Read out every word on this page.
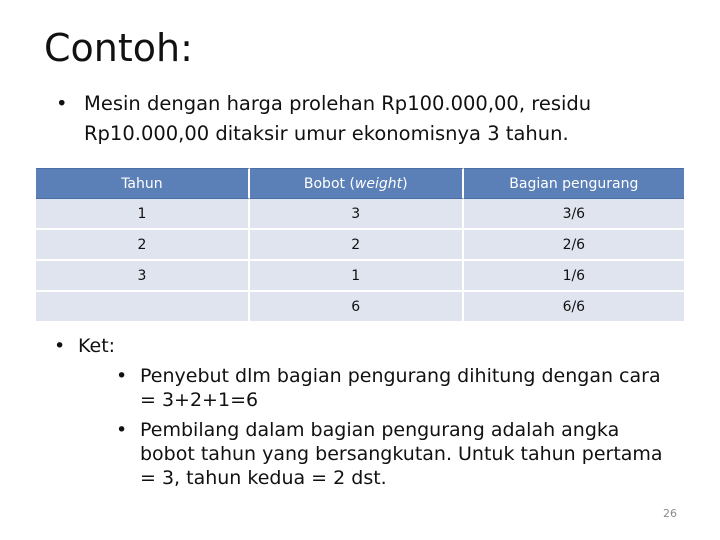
Contoh:
• Mesin dengan harga prolehan Rp100.000,00, residu Rp10.000,00 ditaksir umur ekonomisnya 3 tahun.
Tahun	Bobot (weight)	Bagian pengurang
1	3	3/6
2	2	2/6
3	1	1/6
	6	6/6
• Ket:
• Penyebut dlm bagian pengurang dihitung dengan cara = 3+2+1=6
• Pembilang dalam bagian pengurang adalah angka bobot tahun yang bersangkutan. Untuk tahun pertama = 3, tahun kedua = 2 dst.
26
